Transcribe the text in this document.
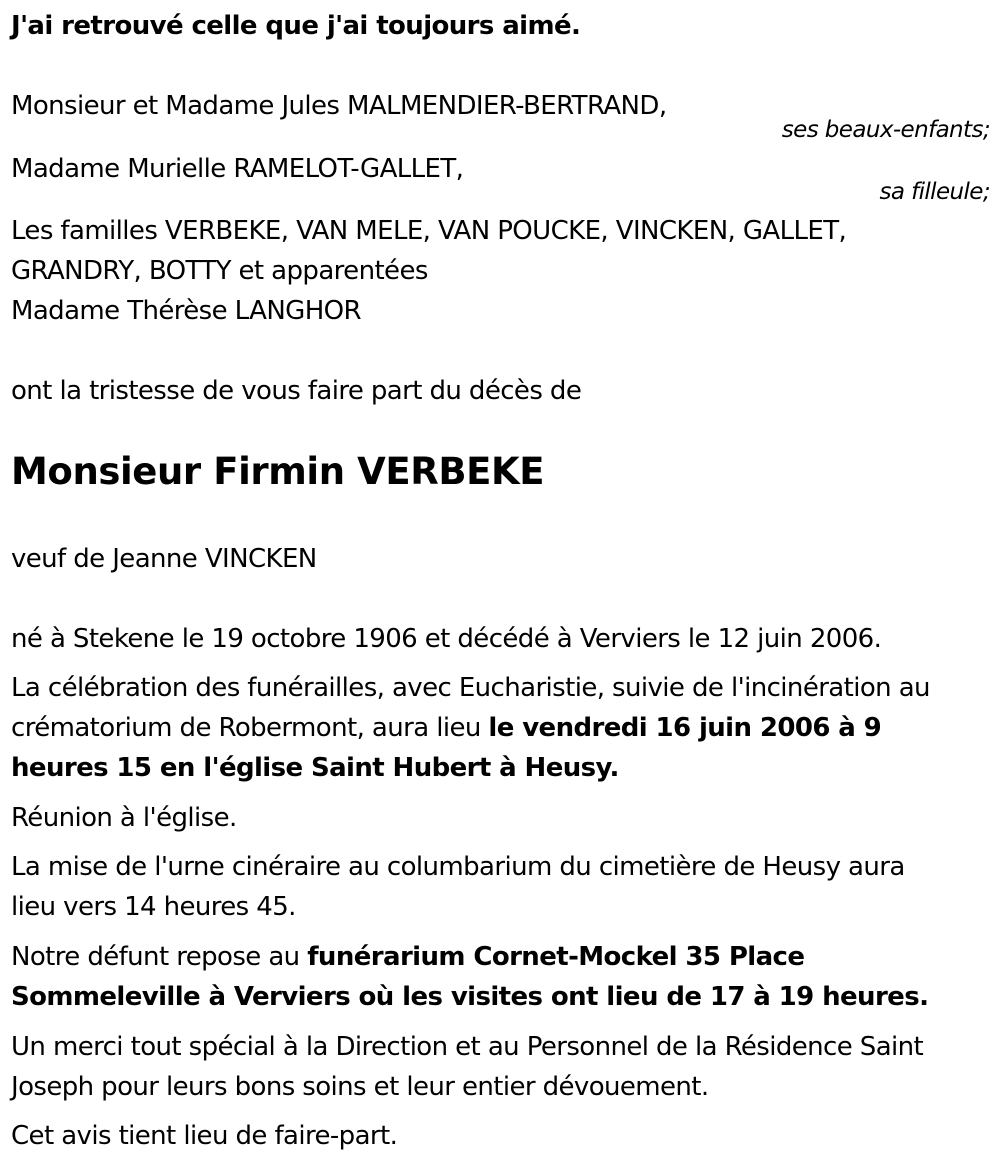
J'ai retrouvé celle que j'ai toujours aimé.
Monsieur et Madame Jules MALMENDIER-BERTRAND,
ses beaux-enfants;
Madame Murielle RAMELOT-GALLET,
sa filleule;
Les familles VERBEKE, VAN MELE, VAN POUCKE, VINCKEN, GALLET,
GRANDRY, BOTTY et apparentées
Madame Thérèse LANGHOR
ont la tristesse de vous faire part du décès de
Monsieur Firmin VERBEKE
veuf de Jeanne VINCKEN
né à Stekene le 19 octobre 1906 et décédé à Verviers le 12 juin 2006.
La célébration des funérailles, avec Eucharistie, suivie de l'incinération au
crématorium de Robermont, aura lieu le vendredi 16 juin 2006 à 9
heures 15 en l'église Saint Hubert à Heusy.
Réunion à l'église.
La mise de l'urne cinéraire au columbarium du cimetière de Heusy aura
lieu vers 14 heures 45.
Notre défunt repose au funérarium Cornet-Mockel 35 Place
Sommeleville à Verviers où les visites ont lieu de 17 à 19 heures.
Un merci tout spécial à la Direction et au Personnel de la Résidence Saint
Joseph pour leurs bons soins et leur entier dévouement.
Cet avis tient lieu de faire-part.
